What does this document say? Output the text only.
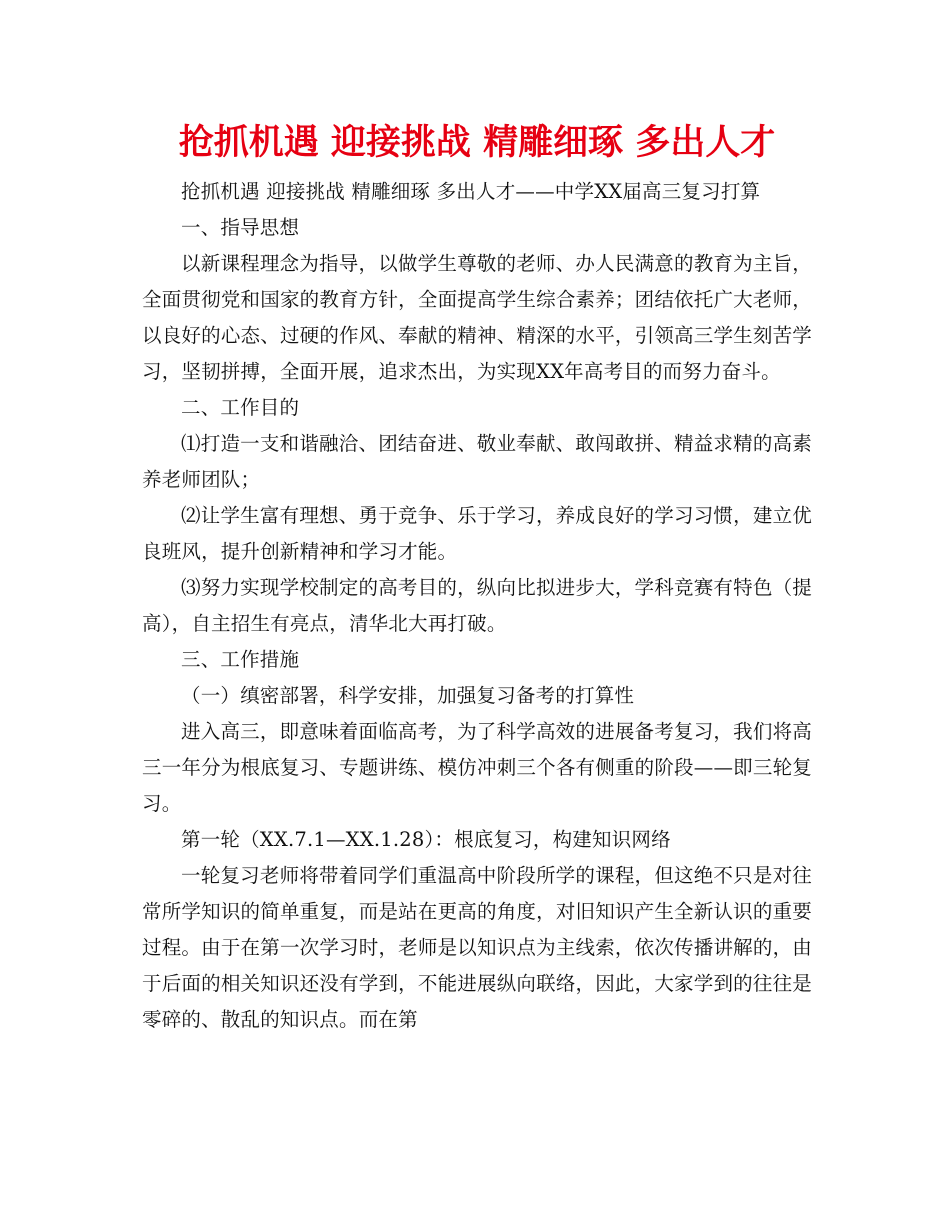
抢抓机遇 迎接挑战 精雕细琢 多出人才

抢抓机遇 迎接挑战 精雕细琢 多出人才——中学XX届高三复习打算

一、指导思想

以新课程理念为指导，以做学生尊敬的老师、办人民满意的教育为主旨，全面贯彻党和国家的教育方针，全面提高学生综合素养；团结依托广大老师，以良好的心态、过硬的作风、奉献的精神、精深的水平，引领高三学生刻苦学习，坚韧拼搏，全面开展，追求杰出，为实现XX年高考目的而努力奋斗。

二、工作目的

⑴打造一支和谐融洽、团结奋进、敬业奉献、敢闯敢拼、精益求精的高素养老师团队；

⑵让学生富有理想、勇于竞争、乐于学习，养成良好的学习习惯，建立优良班风，提升创新精神和学习才能。

⑶努力实现学校制定的高考目的，纵向比拟进步大，学科竞赛有特色（提高），自主招生有亮点，清华北大再打破。

三、工作措施

（一）缜密部署，科学安排，加强复习备考的打算性

进入高三，即意味着面临高考，为了科学高效的进展备考复习，我们将高三一年分为根底复习、专题讲练、模仿冲刺三个各有侧重的阶段——即三轮复习。

第一轮（XX.7.1—XX.1.28）：根底复习，构建知识网络

一轮复习老师将带着同学们重温高中阶段所学的课程，但这绝不只是对往常所学知识的简单重复，而是站在更高的角度，对旧知识产生全新认识的重要过程。由于在第一次学习时，老师是以知识点为主线索，依次传播讲解的，由于后面的相关知识还没有学到，不能进展纵向联络，因此，大家学到的往往是零碎的、散乱的知识点。而在第
